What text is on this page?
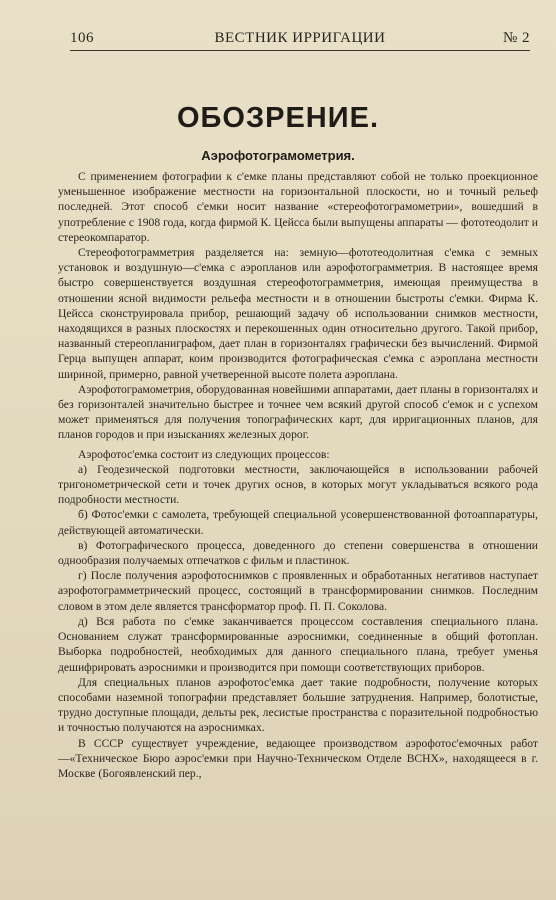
106	ВЕСТНИК ИРРИГАЦИИ	№ 2
ОБОЗРЕНИЕ.
Аэрофотограмометрия.

С применением фотографии к с'емке планы представляют собой не только проекционное уменьшенное изображение местности на горизонтальной плоскости, но и точный рельеф последней. Этот способ с'емки носит название «стереофотограмометрии», вошедший в употребление с 1908 года, когда фирмой К. Цейсса были выпущены аппараты — фототеодолит и стереокомпаратор.

Стереофотограмметрия разделяется на: земную—фототеодолитная с'емка с земных установок и воздушную—с'емка с аэропланов или аэрофотограмметрия. В настоящее время быстро совершенствуется воздушная стереофотограмметрия, имеющая преимущества в отношении ясной видимости рельефа местности и в отношении быстроты с'емки. Фирма К. Цейсса сконструировала прибор, решающий задачу об использовании снимков местности, находящихся в разных плоскостях и перекошенных один относительно другого. Такой прибор, названный стереопланиграфом, дает план в горизонталях графически без вычислений. Фирмой Герца выпущен аппарат, коим производится фотографическая с'емка с аэроплана местности шириной, примерно, равной учетверенной высоте полета аэроплана.

Аэрофотограмометрия, оборудованная новейшими аппаратами, дает планы в горизонталях и без горизонталей значительно быстрее и точнее чем всякий другой способ с'емок и с успехом может применяться для получения топографических карт, для ирригационных планов, для планов городов и при изысканиях железных дорог.

Аэрофотос'емка состоит из следующих процессов:

а) Геодезической подготовки местности, заключающейся в использовании рабочей тригонометрической сети и точек других основ, в которых могут укладываться всякого рода подробности местности.

б) Фотос'емки с самолета, требующей специальной усовершенствованной фотоаппаратуры, действующей автоматически.

в) Фотографического процесса, доведенного до степени совершенства в отношении однообразия получаемых отпечатков с фильм и пластинок.

г) После получения аэрофотоснимков с проявленных и обработанных негативов наступает аэрофотограмметрический процесс, состоящий в трансформировании снимков. Последним словом в этом деле является трансформатор проф. П. П. Соколова.

д) Вся работа по с'емке заканчивается процессом составления специального плана. Основанием служат трансформированные аэроснимки, соединенные в общий фотоплан. Выборка подробностей, необходимых для данного специального плана, требует уменья дешифрировать аэроснимки и производится при помощи соответствующих приборов.

Для специальных планов аэрофотос'емка дает такие подробности, получение которых способами наземной топографии представляет большие затруднения. Например, болотистые, трудно доступные площади, дельты рек, лесистые пространства с поразительной подробностью и точностью получаются на аэроснимках.

В СССР существует учреждение, ведающее производством аэрофотос'емочных работ—«Техническое Бюро аэрос'емки при Научно-Техническом Отделе ВСНХ», находящееся в г. Москве (Богоявленский пер.,
